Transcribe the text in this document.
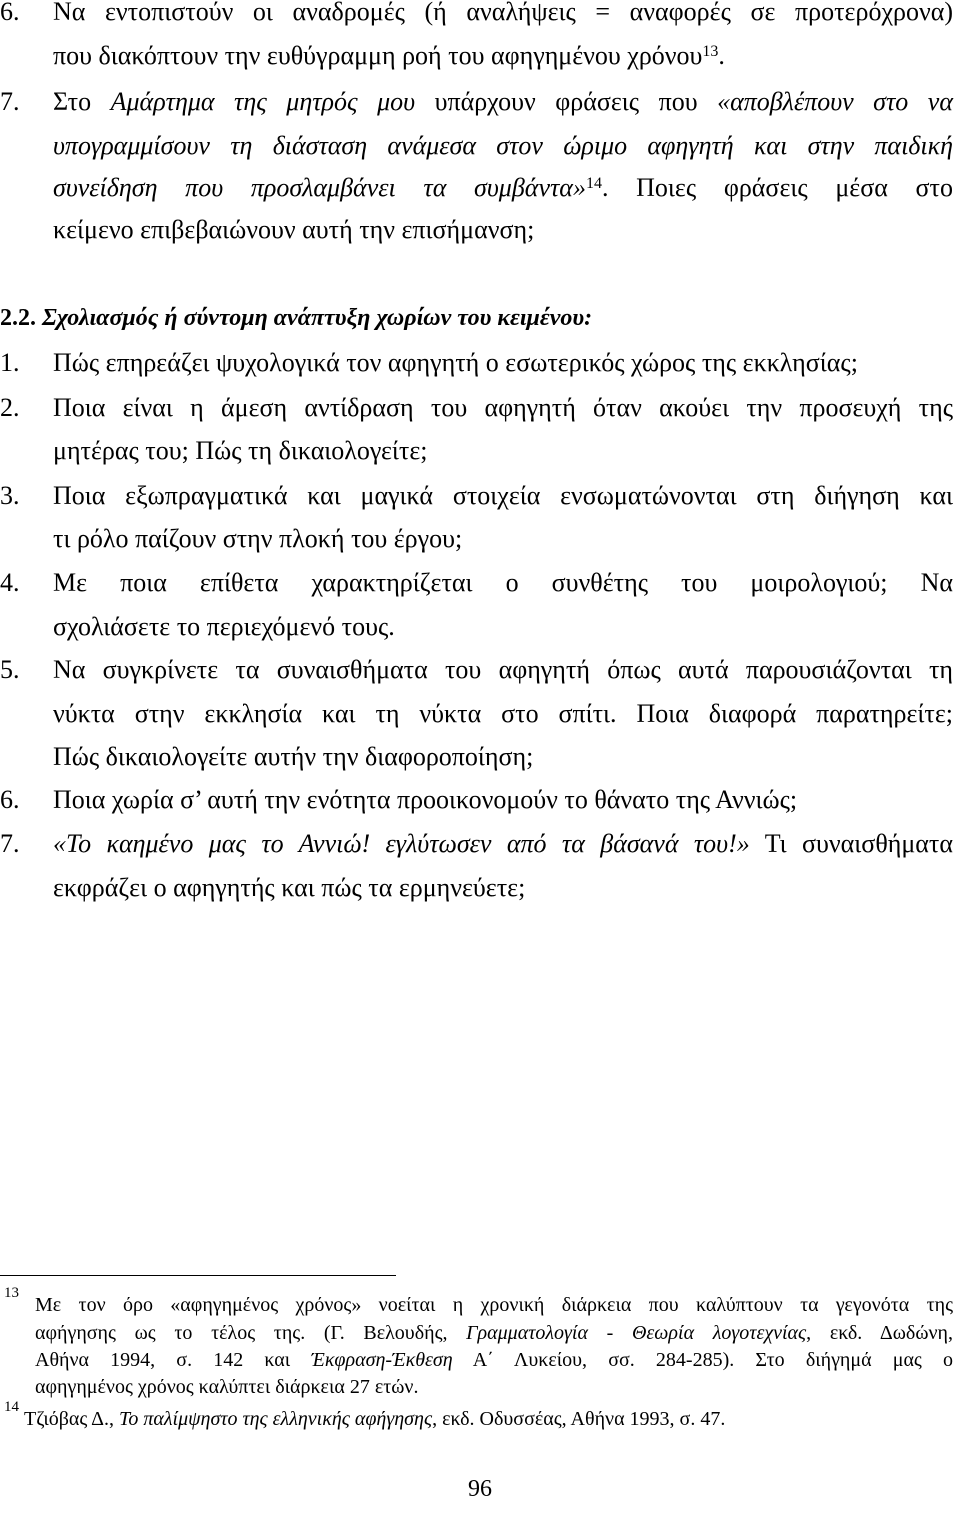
6. Να εντοπιστούν οι αναδρομές (ή αναλήψεις = αναφορές σε προτερόχρονα)
που διακόπτουν την ευθύγραμμη ροή του αφηγημένου χρόνου$^{13}$.
7. Στο Αμάρτημα της μητρός μου υπάρχουν φράσεις που «αποβλέπουν στο να
υπογραμμίσουν τη διάσταση ανάμεσα στον ώριμο αφηγητή και στην παιδική
συνείδηση που προσλαμβάνει τα συμβάντα»$^{14}$. Ποιες φράσεις μέσα στο
κείμενο επιβεβαιώνουν αυτή την επισήμανση;
2.2. Σχολιασμός ή σύντομη ανάπτυξη χωρίων του κειμένου:
1. Πώς επηρεάζει ψυχολογικά τον αφηγητή ο εσωτερικός χώρος της εκκλησίας;
2. Ποια είναι η άμεση αντίδραση του αφηγητή όταν ακούει την προσευχή της
μητέρας του; Πώς τη δικαιολογείτε;
3. Ποια εξωπραγματικά και μαγικά στοιχεία ενσωματώνονται στη διήγηση και
τι ρόλο παίζουν στην πλοκή του έργου;
4. Με ποια επίθετα χαρακτηρίζεται ο συνθέτης του μοιρολογιού; Να
σχολιάσετε το περιεχόμενό τους.
5. Να συγκρίνετε τα συναισθήματα του αφηγητή όπως αυτά παρουσιάζονται τη
νύκτα στην εκκλησία και τη νύκτα στο σπίτι. Ποια διαφορά παρατηρείτε;
Πώς δικαιολογείτε αυτήν την διαφοροποίηση;
6. Ποια χωρία σ’ αυτή την ενότητα προοικονομούν το θάνατο της Αννιώς;
7. «Το καημένο μας το Αννιώ! εγλύτωσεν από τα βάσανά του!» Τι συναισθήματα
εκφράζει ο αφηγητής και πώς τα ερμηνεύετε;
13
Με τον όρο «αφηγημένος χρόνος» νοείται η χρονική διάρκεια που καλύπτουν τα γεγονότα της
αφήγησης ως το τέλος της. (Γ. Βελουδής, Γραμματολογία - Θεωρία λογοτεχνίας, εκδ. Δωδώνη,
Αθήνα 1994, σ. 142 και Έκφραση-Έκθεση Α΄ Λυκείου, σσ. 284-285). Στο διήγημά μας ο
αφηγημένος χρόνος καλύπτει διάρκεια 27 ετών.
14
Τζιόβας Δ., Το παλίμψηστο της ελληνικής αφήγησης, εκδ. Οδυσσέας, Αθήνα 1993, σ. 47.
96
